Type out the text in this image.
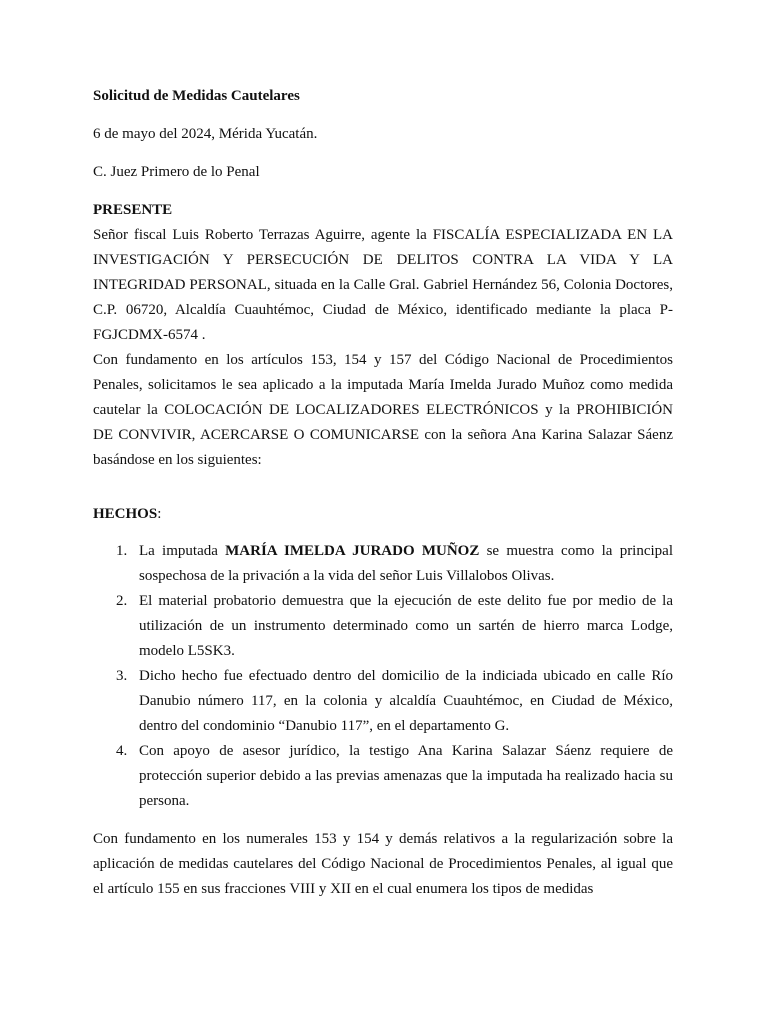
Solicitud de Medidas Cautelares

6 de mayo del 2024, Mérida Yucatán.

C. Juez Primero de lo Penal

PRESENTE

Señor fiscal Luis Roberto Terrazas Aguirre, agente la FISCALÍA ESPECIALIZADA EN LA INVESTIGACIÓN Y PERSECUCIÓN DE DELITOS CONTRA LA VIDA Y LA INTEGRIDAD PERSONAL, situada en la Calle Gral. Gabriel Hernández 56, Colonia Doctores, C.P. 06720, Alcaldía Cuauhtémoc, Ciudad de México, identificado mediante la placa P-FGJCDMX-6574 .

Con fundamento en los artículos 153, 154 y 157 del Código Nacional de Procedimientos Penales, solicitamos le sea aplicado a la imputada María Imelda Jurado Muñoz como medida cautelar la COLOCACIÓN DE LOCALIZADORES ELECTRÓNICOS y la PROHIBICIÓN DE CONVIVIR, ACERCARSE O COMUNICARSE con la señora Ana Karina Salazar Sáenz basándose en los siguientes:

HECHOS:

1. La imputada MARÍA IMELDA JURADO MUÑOZ se muestra como la principal sospechosa de la privación a la vida del señor Luis Villalobos Olivas.
2. El material probatorio demuestra que la ejecución de este delito fue por medio de la utilización de un instrumento determinado como un sartén de hierro marca Lodge, modelo L5SK3.
3. Dicho hecho fue efectuado dentro del domicilio de la indiciada ubicado en calle Río Danubio número 117, en la colonia y alcaldía Cuauhtémoc, en Ciudad de México, dentro del condominio “Danubio 117”, en el departamento G.
4. Con apoyo de asesor jurídico, la testigo Ana Karina Salazar Sáenz requiere de protección superior debido a las previas amenazas que la imputada ha realizado hacia su persona.

Con fundamento en los numerales 153 y 154 y demás relativos a la regularización sobre la aplicación de medidas cautelares del Código Nacional de Procedimientos Penales, al igual que el artículo 155 en sus fracciones VIII y XII en el cual enumera los tipos de medidas
